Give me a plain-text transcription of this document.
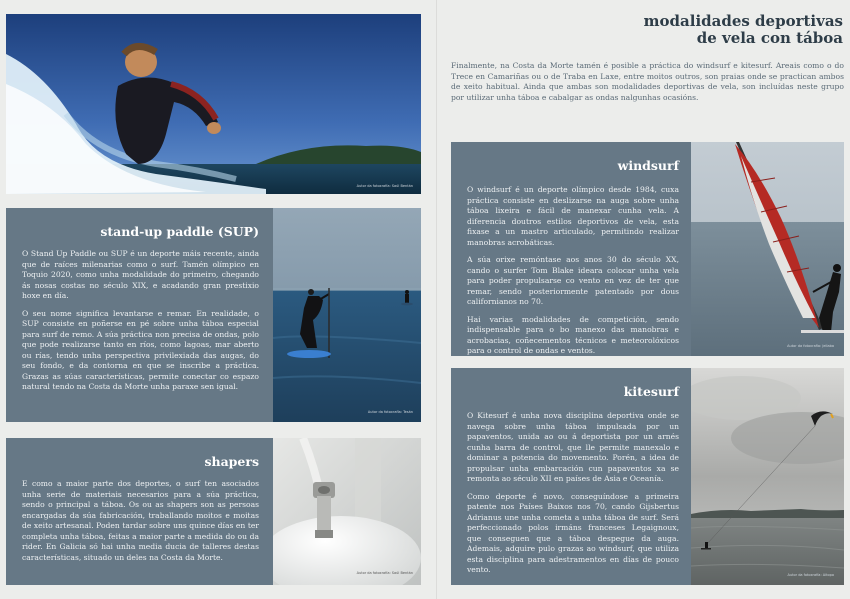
Autor da fotoxrafía: Saúl Bentán
stand-up paddle (SUP)

O Stand Up Paddle ou SUP é un deporte máis recente, ainda que de raíces milenarias como o surf. Tamén olímpico en Toquio 2020, como unha modalidade do primeiro, chegando ás nosas costas no século XIX, e acadando gran prestixio hoxe en día.

O seu nome significa levantarse e remar. En realidade, o SUP consiste en poñerse en pé sobre unha táboa especial para surf de remo. A súa práctica non precisa de ondas, polo que pode realizarse tanto en ríos, como lagoas, mar aberto ou rías, tendo unha perspectiva privilexiada das augas, do seu fondo, e da contorna en que se inscribe a práctica. Grazas as súas características, permite conectar co espazo natural tendo na Costa da Morte unha paraxe sen igual.

Autor da fotoxrafía: Tesán
shapers

E como a maior parte dos deportes, o surf ten asociados unha serie de materiais necesarios para a súa práctica, sendo o principal a táboa. Os ou as shapers son as persoas encargadas da súa fabricación, traballando moitos e moitas de xeito artesanal. Poden tardar sobre uns quince días en ter completa unha táboa, feitas a maior parte a medida do ou da rider. En Galicia só hai unha media ducia de talleres destas características, situado un deles na Costa da Morte.

Autor da fotoxrafía: Saúl Bentán
modalidades deportivas
de vela con táboa
Finalmente, na Costa da Morte tamén é posible a práctica do windsurf e kitesurf. Areais como o do Trece en Camariñas ou o de Traba en Laxe, entre moitos outros, son praias onde se practican ambos de xeito habitual. Ainda que ambas son modalidades deportivas de vela, son incluídas neste grupo por utilizar unha táboa e cabalgar as ondas nalgunhas ocasións.
windsurf

O windsurf é un deporte olímpico desde 1984, cuxa práctica consiste en deslizarse na auga sobre unha táboa lixeira e fácil de manexar cunha vela. A diferencia doutros estilos deportivos de vela, esta fixase a un mastro articulado, permitindo realizar manobras acrobáticas.

A súa orixe remóntase aos anos 30 do século XX, cando o surfer Tom Blake ideara colocar unha vela para poder propulsarse co vento en vez de ter que remar, sendo posteriormente patentado por dous californianos no 70.

Hai varias modalidades de competición, sendo indispensable para o bo manexo das manobras e acrobacias, coñecementos técnicos e meteorolóxicos para o control de ondas e ventos.	Autor da fotoxrafía: Jellaba
kitesurf

O Kitesurf é unha nova disciplina deportiva onde se navega sobre unha táboa impulsada por un papaventos, unida ao ou á deportista por un arnés cunha barra de control, que lle permite manexalo e dominar a potencia do movemento. Porén, a idea de propulsar unha embarcación cun papaventos xa se remonta ao século XII en países de Asia e Oceanía.

Como deporte é novo, conseguíndose a primeira patente nos Países Baixos nos 70, cando Gijsbertus Adrianus une unha cometa a unha táboa de surf. Será perfeccionado polos irmáns franceses Legaignoux, que conseguen que a táboa despegue da auga. Ademais, adquire pulo grazas ao windsurf, que utiliza esta disciplina para adestramentos en días de pouco vento.

Autor da fotoxrafía: Aitopo
